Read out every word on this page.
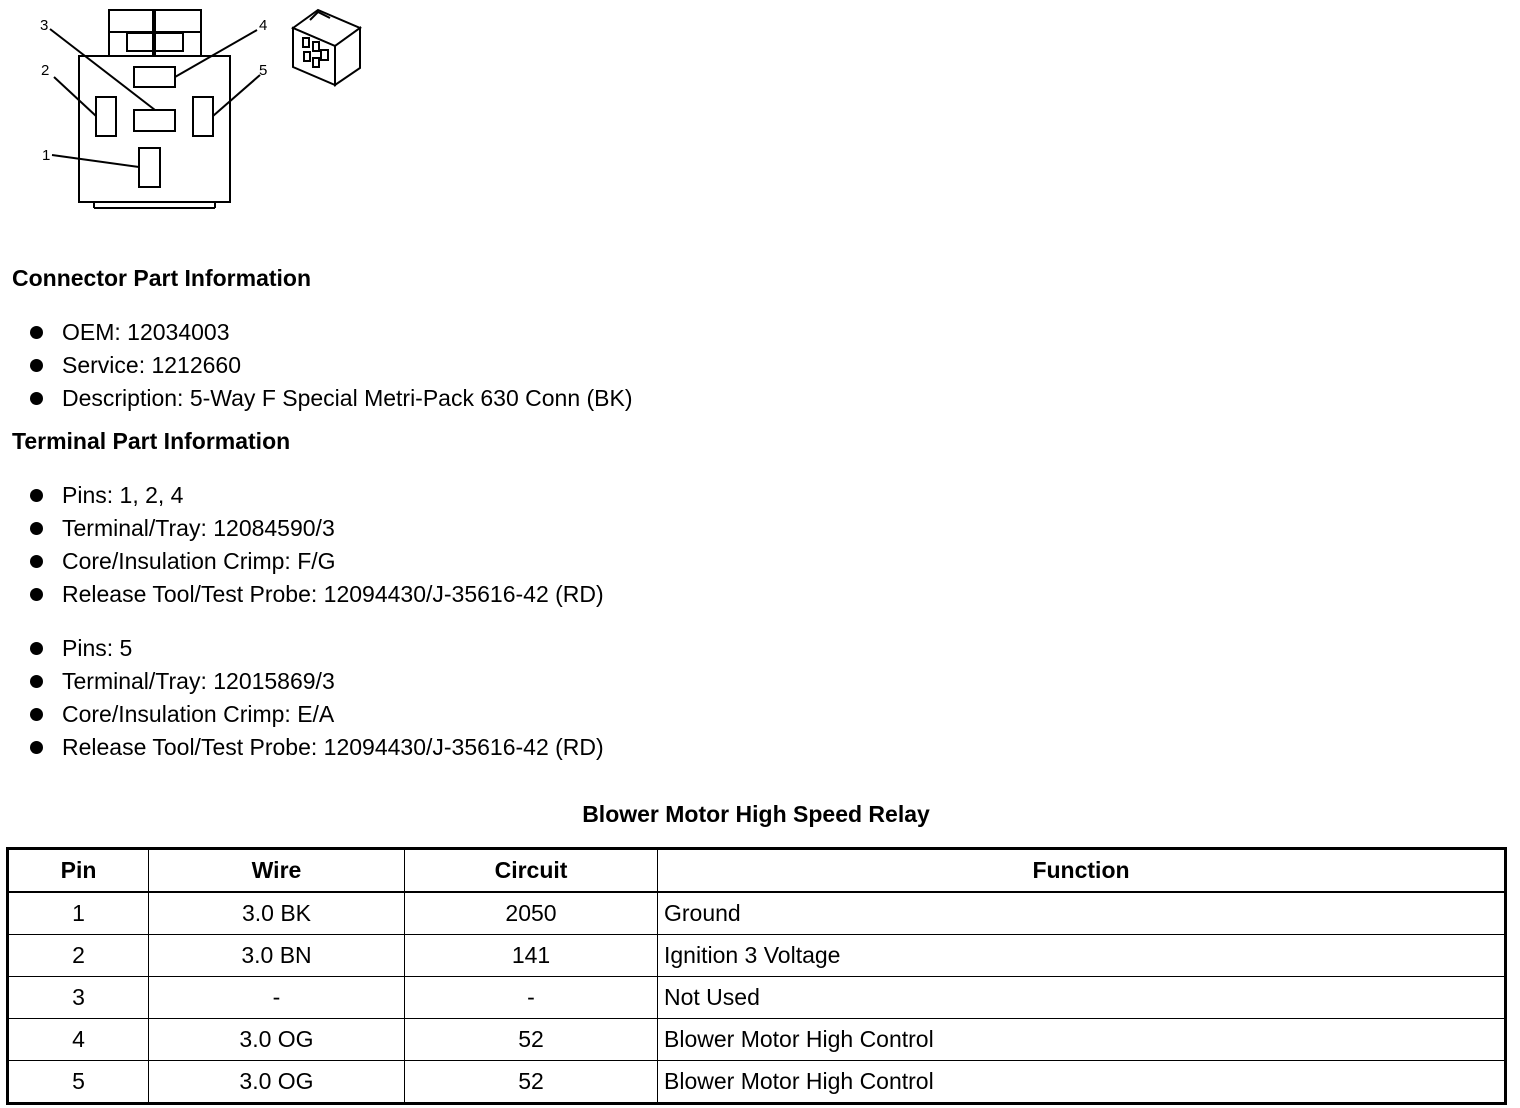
3	4
2	5
1
Connector Part Information
OEM: 12034003
Service: 1212660
Description: 5-Way F Special Metri-Pack 630 Conn (BK)
Terminal Part Information
Pins: 1, 2, 4
Terminal/Tray: 12084590/3
Core/Insulation Crimp: F/G
Release Tool/Test Probe: 12094430/J-35616-42 (RD)
Pins: 5
Terminal/Tray: 12015869/3
Core/Insulation Crimp: E/A
Release Tool/Test Probe: 12094430/J-35616-42 (RD)
Blower Motor High Speed Relay
Pin	Wire	Circuit	Function
1	3.0 BK	2050	Ground
2	3.0 BN	141	Ignition 3 Voltage
3	-	-	Not Used
4	3.0 OG	52	Blower Motor High Control
5	3.0 OG	52	Blower Motor High Control
